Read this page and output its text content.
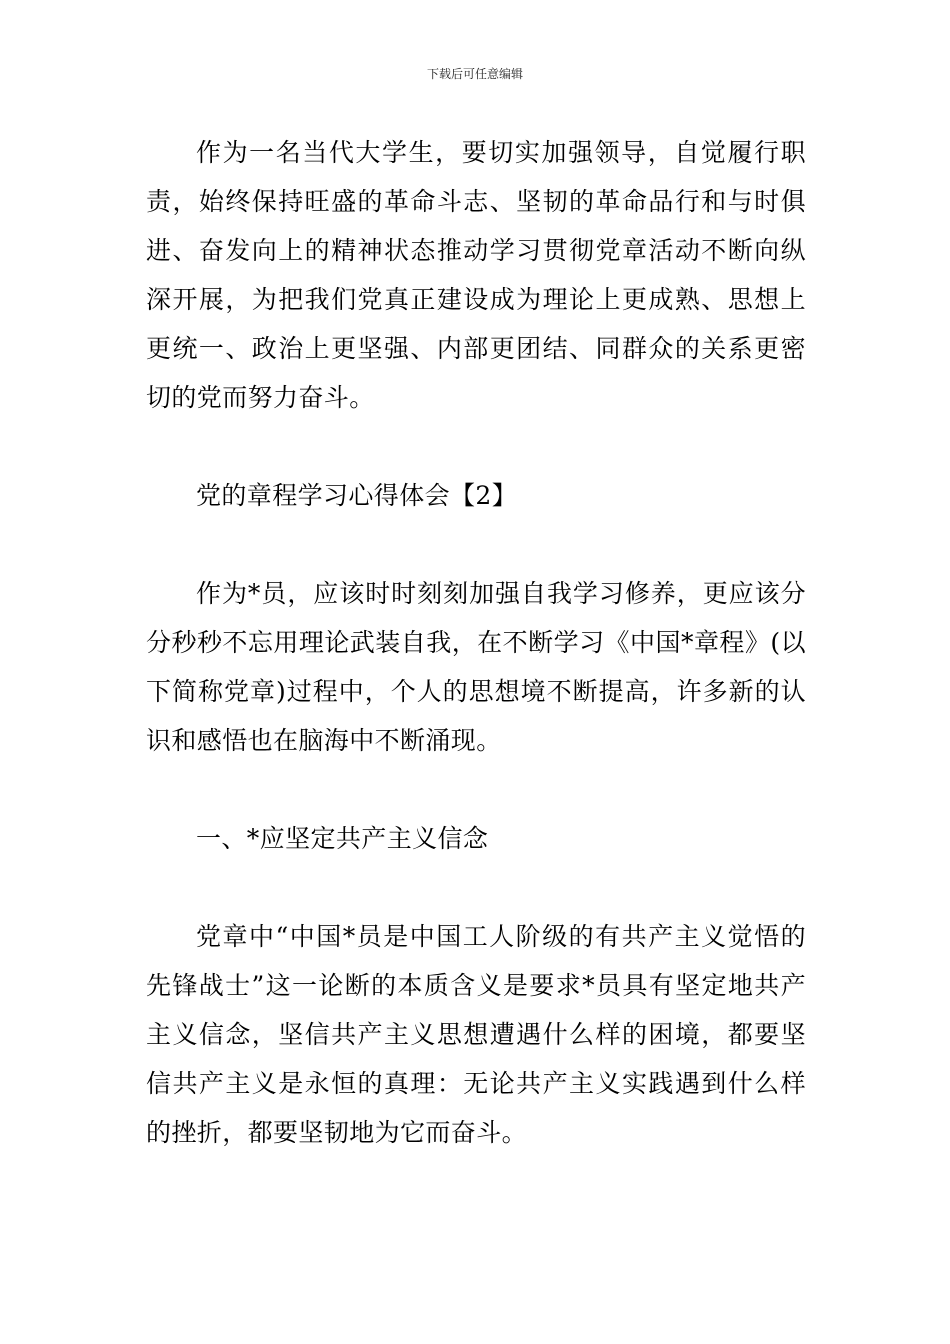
下载后可任意编辑

作为一名当代大学生，要切实加强领导，自觉履行职责，始终保持旺盛的革命斗志、坚韧的革命品行和与时俱进、奋发向上的精神状态推动学习贯彻党章活动不断向纵深开展，为把我们党真正建设成为理论上更成熟、思想上更统一、政治上更坚强、内部更团结、同群众的关系更密切的党而努力奋斗。

党的章程学习心得体会【2】

作为*员，应该时时刻刻加强自我学习修养，更应该分分秒秒不忘用理论武装自我，在不断学习《中国*章程》(以下简称党章)过程中，个人的思想境不断提高，许多新的认识和感悟也在脑海中不断涌现。

一、*应坚定共产主义信念

党章中“中国*员是中国工人阶级的有共产主义觉悟的先锋战士”这一论断的本质含义是要求*员具有坚定地共产主义信念，坚信共产主义思想遭遇什么样的困境，都要坚信共产主义是永恒的真理：无论共产主义实践遇到什么样的挫折，都要坚韧地为它而奋斗。
